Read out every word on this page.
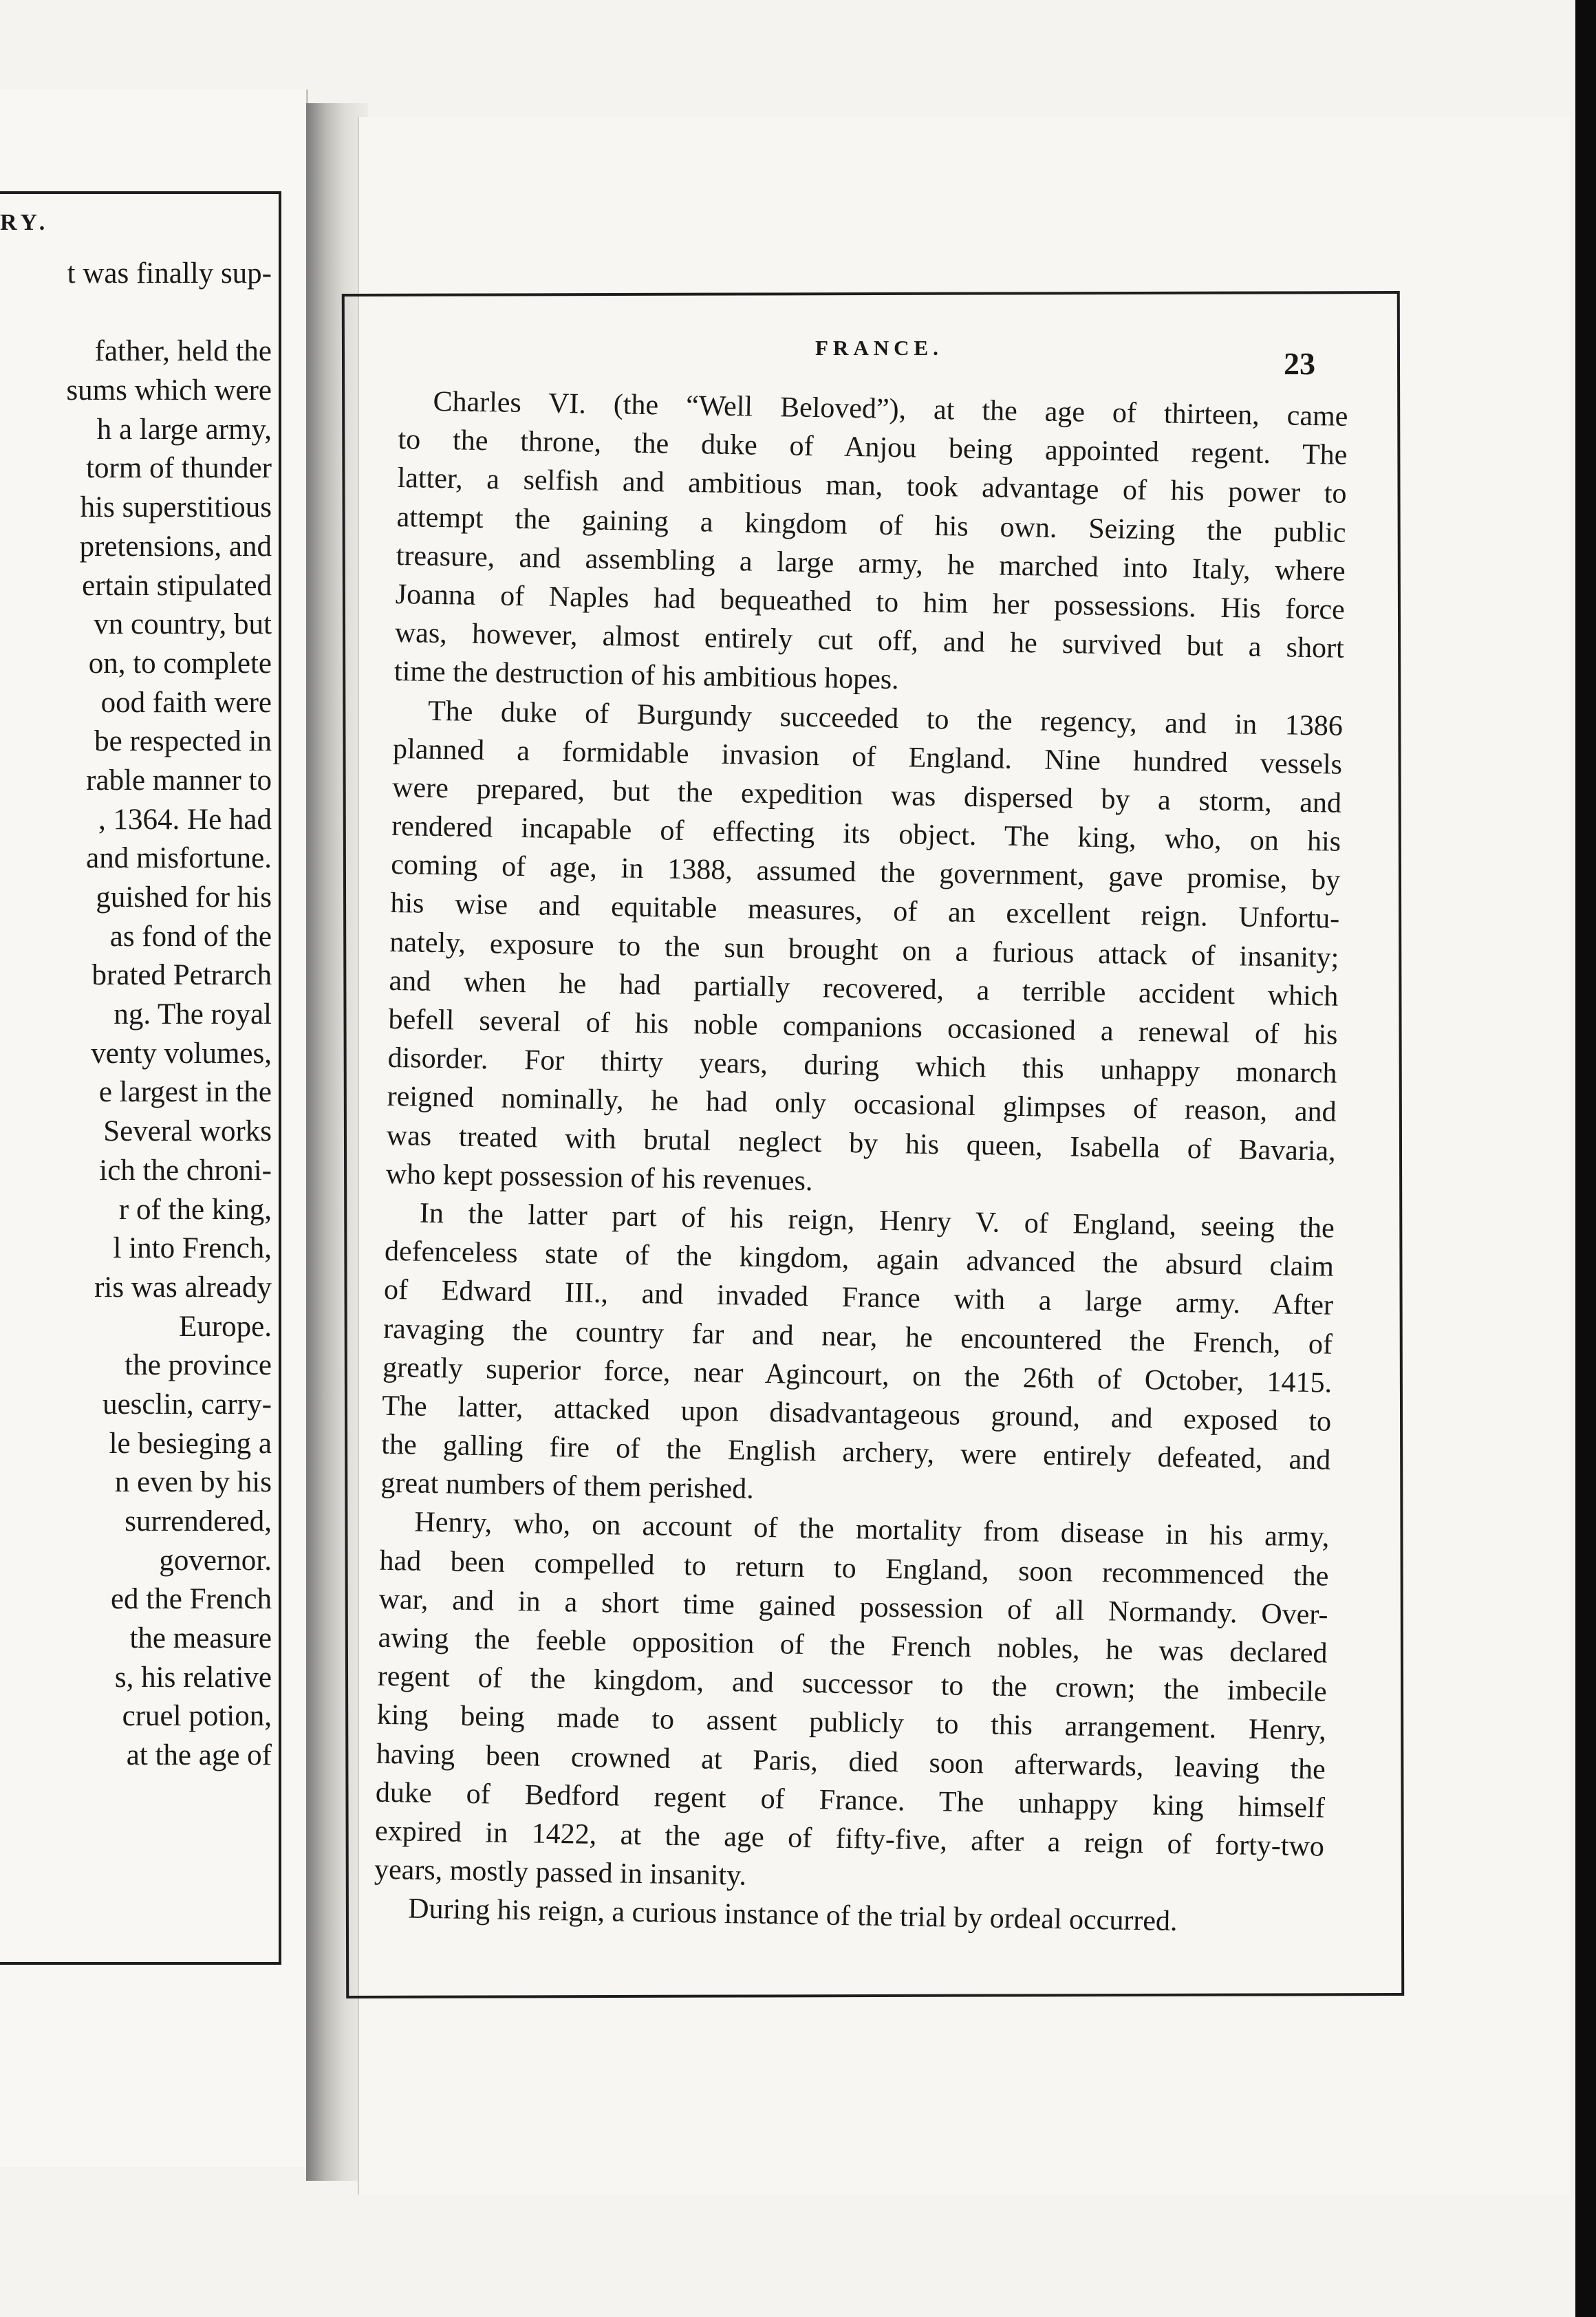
RY.
t was finally sup-
father, held the
sums which were
h a large army,
torm of thunder
his superstitious
pretensions, and
ertain stipulated
vn country, but
on, to complete
ood faith were
be respected in
rable manner to
, 1364. He had
and misfortune.
guished for his
as fond of the
brated Petrarch
ng. The royal
venty volumes,
e largest in the
Several works
ich the chroni-
r of the king,
l into French,
ris was already
Europe.
the province
uesclin, carry-
le besieging a
n even by his
surrendered,
governor.
ed the French
the measure
s, his relative
cruel potion,
at the age of
FRANCE.	23
Charles VI. (the “Well Beloved”), at the age of thirteen, came
to the throne, the duke of Anjou being appointed regent. The
latter, a selfish and ambitious man, took advantage of his power to
attempt the gaining a kingdom of his own. Seizing the public
treasure, and assembling a large army, he marched into Italy, where
Joanna of Naples had bequeathed to him her possessions. His force
was, however, almost entirely cut off, and he survived but a short
time the destruction of his ambitious hopes.
The duke of Burgundy succeeded to the regency, and in 1386
planned a formidable invasion of England. Nine hundred vessels
were prepared, but the expedition was dispersed by a storm, and
rendered incapable of effecting its object. The king, who, on his
coming of age, in 1388, assumed the government, gave promise, by
his wise and equitable measures, of an excellent reign. Unfortu-
nately, exposure to the sun brought on a furious attack of insanity;
and when he had partially recovered, a terrible accident which
befell several of his noble companions occasioned a renewal of his
disorder. For thirty years, during which this unhappy monarch
reigned nominally, he had only occasional glimpses of reason, and
was treated with brutal neglect by his queen, Isabella of Bavaria,
who kept possession of his revenues.
In the latter part of his reign, Henry V. of England, seeing the
defenceless state of the kingdom, again advanced the absurd claim
of Edward III., and invaded France with a large army. After
ravaging the country far and near, he encountered the French, of
greatly superior force, near Agincourt, on the 26th of October, 1415.
The latter, attacked upon disadvantageous ground, and exposed to
the galling fire of the English archery, were entirely defeated, and
great numbers of them perished.
Henry, who, on account of the mortality from disease in his army,
had been compelled to return to England, soon recommenced the
war, and in a short time gained possession of all Normandy. Over-
awing the feeble opposition of the French nobles, he was declared
regent of the kingdom, and successor to the crown; the imbecile
king being made to assent publicly to this arrangement. Henry,
having been crowned at Paris, died soon afterwards, leaving the
duke of Bedford regent of France. The unhappy king himself
expired in 1422, at the age of fifty-five, after a reign of forty-two
years, mostly passed in insanity.
During his reign, a curious instance of the trial by ordeal occurred.
